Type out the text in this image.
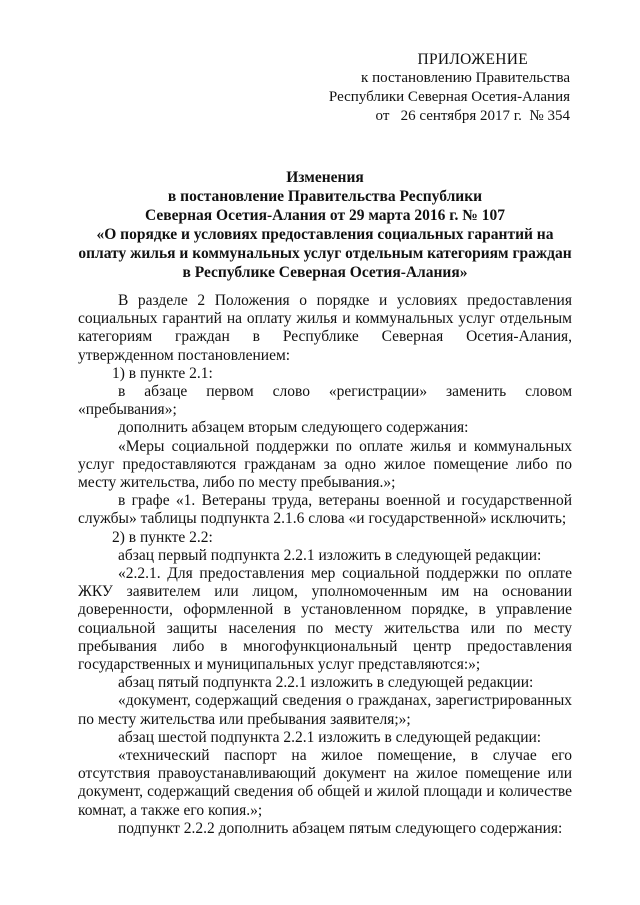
ПРИЛОЖЕНИЕ
к постановлению Правительства
Республики Северная Осетия-Алания
от   26 сентября 2017 г.  № 354
Изменения
в постановление Правительства Республики
Северная Осетия-Алания от 29 марта 2016 г. № 107
«О порядке и условиях предоставления социальных гарантий на
оплату жилья и коммунальных услуг отдельным категориям граждан
в Республике Северная Осетия-Алания»

В разделе 2 Положения о порядке и условиях предоставления социальных гарантий на оплату жилья и коммунальных услуг отдельным категориям граждан в Республике Северная Осетия-Алания, утвержденном постановлением:

1) в пункте 2.1:

в абзаце первом слово «регистрации» заменить словом «пребывания»;

дополнить абзацем вторым следующего содержания:

«Меры социальной поддержки по оплате жилья и коммунальных услуг предоставляются гражданам за одно жилое помещение либо по месту жительства, либо по месту пребывания.»;

в графе «1. Ветераны труда, ветераны военной и государственной службы» таблицы подпункта 2.1.6 слова «и государственной» исключить;

2) в пункте 2.2:

абзац первый подпункта 2.2.1 изложить в следующей редакции:

«2.2.1. Для предоставления мер социальной поддержки по оплате ЖКУ заявителем или лицом, уполномоченным им на основании доверенности, оформленной в установленном порядке, в управление социальной защиты населения по месту жительства или по месту пребывания либо в многофункциональный центр предоставления государственных и муниципальных услуг представляются:»;

абзац пятый подпункта 2.2.1 изложить в следующей редакции:

«документ, содержащий сведения о гражданах, зарегистрированных по месту жительства или пребывания заявителя;»;

абзац шестой подпункта 2.2.1 изложить в следующей редакции:

«технический паспорт на жилое помещение, в случае его отсутствия правоустанавливающий документ на жилое помещение или документ, содержащий сведения об общей и жилой площади и количестве комнат, а также его копия.»;

подпункт 2.2.2 дополнить абзацем пятым следующего содержания:
